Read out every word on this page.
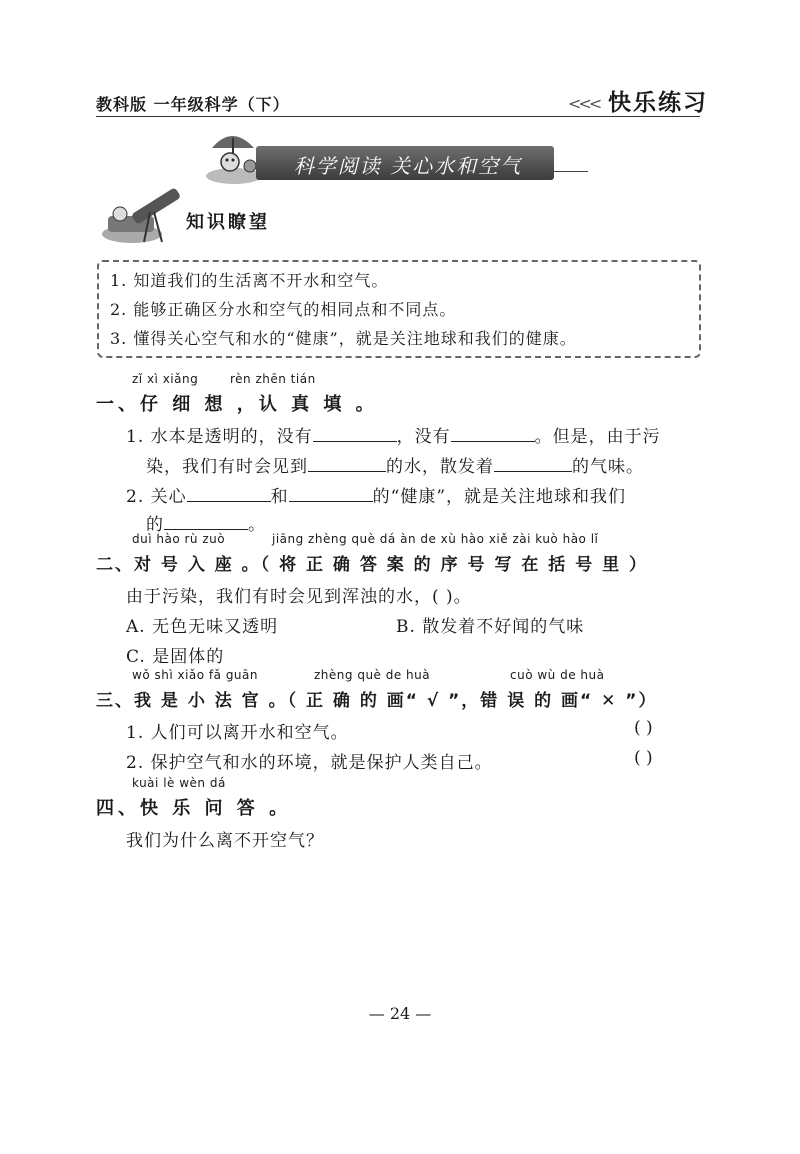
教科版 一年级科学（下）	<<< 快乐练习
科学阅读 关心水和空气
知识瞭望
1. 知道我们的生活离不开水和空气。
2. 能够正确区分水和空气的相同点和不同点。
3. 懂得关心空气和水的“健康”，就是关注地球和我们的健康。
zǐ xì xiǎng	rèn zhēn tián
一、仔 细 想 ，认 真 填 。
1. 水本是透明的，没有	，没有	。但是，由于污
染，我们有时会见到	的水，散发着	的气味。
2. 关心	和	的“健康”，就是关注地球和我们
的	。
duì hào rù zuò	jiāng zhèng què dá àn de xù hào xiě zài kuò hào lǐ
二、对 号 入 座 。（ 将 正 确 答 案 的 序 号 写 在 括 号 里 ）
由于污染，我们有时会见到浑浊的水，( )。
A. 无色无味又透明	B. 散发着不好闻的气味
C. 是固体的
wǒ shì xiǎo fǎ guān	zhèng què de huà	cuò wù de huà
三、我 是 小 法 官 。（ 正 确 的 画“ √ ”，错 误 的 画“ ✕ ”）
1. 人们可以离开水和空气。	( )
2. 保护空气和水的环境，就是保护人类自己。	( )
kuài lè wèn dá
四、快 乐 问 答 。
我们为什么离不开空气？
— 24 —
